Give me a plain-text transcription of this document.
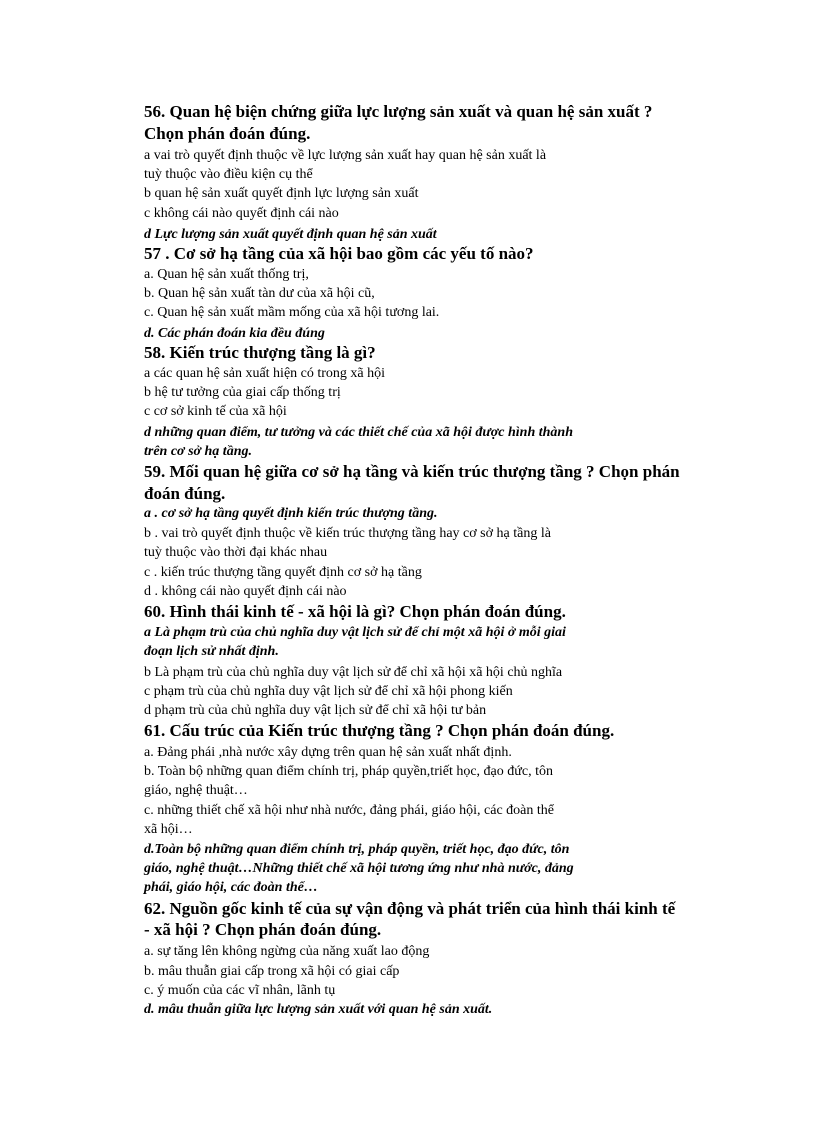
56. Quan hệ biện chứng giữa lực lượng sản xuất và quan hệ sản xuất ?
Chọn phán đoán đúng.
a vai trò quyết định thuộc về lực lượng sản xuất hay quan hệ sản xuất là
tuỳ thuộc vào điều kiện cụ thể
b quan hệ sản xuất quyết định lực lượng sản xuất
c không cái nào quyết định cái nào
d Lực lượng sản xuất quyết định quan hệ sản xuất
57 . Cơ sở hạ tầng của xã hội bao gồm các yếu tố nào?
a. Quan hệ sản xuất thống trị,
b. Quan hệ sản xuất tàn dư của xã hội cũ,
c. Quan hệ sản xuất mầm mống của xã hội tương lai.
d. Các phán đoán kia đều đúng
58. Kiến trúc thượng tầng là gì?
a các quan hệ sản xuất hiện có trong xã hội
b hệ tư tưởng của giai cấp thống trị
c cơ sở kinh tế của xã hội
d những quan điểm, tư tưởng và các thiết chế của xã hội được hình thành
trên cơ sở hạ tầng.
59. Mối quan hệ giữa cơ sở hạ tầng và kiến trúc thượng tầng ? Chọn phán
đoán đúng.
a . cơ sở hạ tầng quyết định kiến trúc thượng tầng.
b . vai trò quyết định thuộc về kiến trúc thượng tầng hay cơ sở hạ tầng là
tuỳ thuộc vào thời đại khác nhau
c . kiến trúc thượng tầng quyết định cơ sở hạ tầng
d . không cái nào quyết định cái nào
60. Hình thái kinh tế - xã hội là gì? Chọn phán đoán đúng.
a Là phạm trù của chủ nghĩa duy vật lịch sử để chỉ một xã hội ở mỗi giai
đoạn lịch sử nhất định.
b Là phạm trù của chủ nghĩa duy vật lịch sử để chỉ xã hội xã hội chủ nghĩa
c phạm trù của chủ nghĩa duy vật lịch sử để chỉ xã hội phong kiến
d phạm trù của chủ nghĩa duy vật lịch sử để chỉ xã hội tư bản
61. Cấu trúc của Kiến trúc thượng tầng ? Chọn phán đoán đúng.
a. Đảng phái ,nhà nước xây dựng trên quan hệ sản xuất nhất định.
b. Toàn bộ những quan điểm chính trị, pháp quyền,triết học, đạo đức, tôn
giáo, nghệ thuật…
c. những thiết chế xã hội như nhà nước, đảng phái, giáo hội, các đoàn thể
xã hội…
d.Toàn bộ những quan điểm chính trị, pháp quyền, triết học, đạo đức, tôn
giáo, nghệ thuật…Những thiết chế xã hội tương ứng như nhà nước, đảng
phái, giáo hội, các đoàn thể…
62. Nguồn gốc kinh tế của sự vận động và phát triển của hình thái kinh tế
- xã hội ? Chọn phán đoán đúng.
a. sự tăng lên không ngừng của năng xuất lao động
b. mâu thuẫn giai cấp trong xã hội có giai cấp
c. ý muốn của các vĩ nhân, lãnh tụ
d. mâu thuẫn giữa lực lượng sản xuất với quan hệ sản xuất.
